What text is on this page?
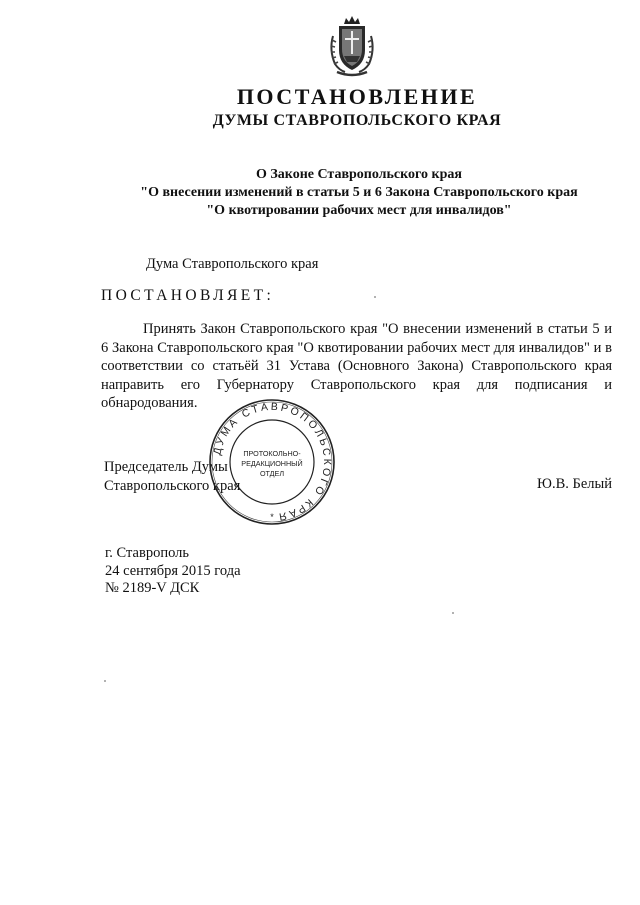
ПОСТАНОВЛЕНИЕ
ДУМЫ СТАВРОПОЛЬСКОГО КРАЯ
О Законе Ставропольского края
"О внесении изменений в статьи 5 и 6 Закона Ставропольского края
"О квотировании рабочих мест для инвалидов"
Дума Ставропольского края
ПОСТАНОВЛЯЕТ:
Принять Закон Ставропольского края "О внесении изменений в статьи 5 и 6 Закона Ставропольского края "О квотировании рабочих мест для инвалидов" и в соответствии со статьёй 31 Устава (Основного Закона) Ставропольского края направить его Губернатору Ставропольского края для подписания и обнародования.
Председатель Думы
Ставропольского края	Ю.В. Белый
ДУМА СТАВРОПОЛЬСКОГО КРАЯ
ПРОТОКОЛЬНО-
РЕДАКЦИОННЫЙ
ОТДЕЛ
*
г. Ставрополь
24 сентября 2015 года
№ 2189-V ДСК
